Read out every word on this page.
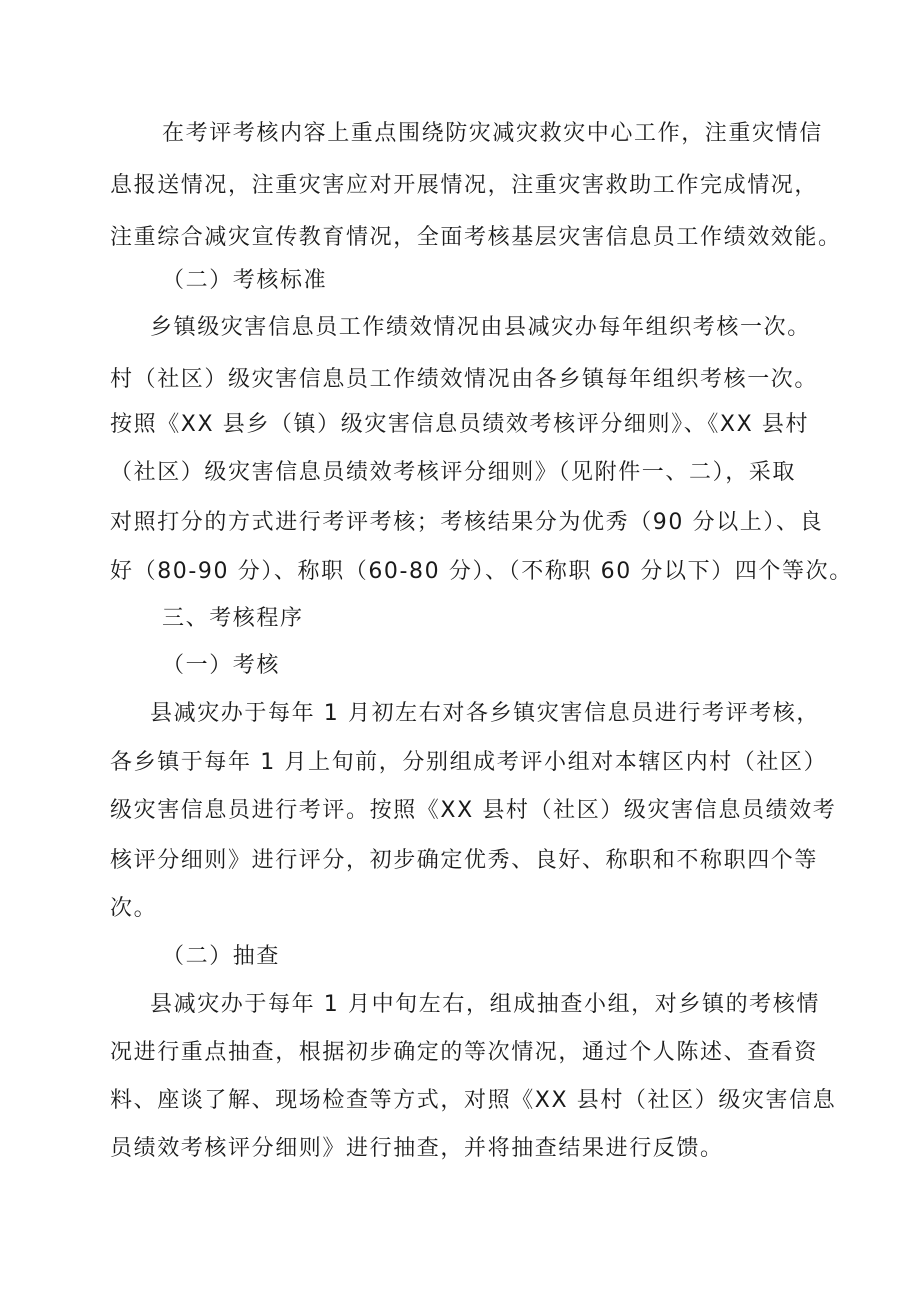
在考评考核内容上重点围绕防灾减灾救灾中心工作，注重灾情信
息报送情况，注重灾害应对开展情况，注重灾害救助工作完成情况，
注重综合减灾宣传教育情况，全面考核基层灾害信息员工作绩效效能。
（二）考核标准
乡镇级灾害信息员工作绩效情况由县减灾办每年组织考核一次。
村（社区）级灾害信息员工作绩效情况由各乡镇每年组织考核一次。
按照《XX 县乡（镇）级灾害信息员绩效考核评分细则》、《XX 县村
（社区）级灾害信息员绩效考核评分细则》（见附件一、二），采取
对照打分的方式进行考评考核；考核结果分为优秀（90 分以上）、良
好（80-90 分）、称职（60-80 分）、（不称职 60 分以下）四个等次。
三、考核程序
（一）考核
县减灾办于每年 1 月初左右对各乡镇灾害信息员进行考评考核，
各乡镇于每年 1 月上旬前，分别组成考评小组对本辖区内村（社区）
级灾害信息员进行考评。按照《XX 县村（社区）级灾害信息员绩效考
核评分细则》进行评分，初步确定优秀、良好、称职和不称职四个等
次。
（二）抽查
县减灾办于每年 1 月中旬左右，组成抽查小组，对乡镇的考核情
况进行重点抽查，根据初步确定的等次情况，通过个人陈述、查看资
料、座谈了解、现场检查等方式，对照《XX 县村（社区）级灾害信息
员绩效考核评分细则》进行抽查，并将抽查结果进行反馈。
